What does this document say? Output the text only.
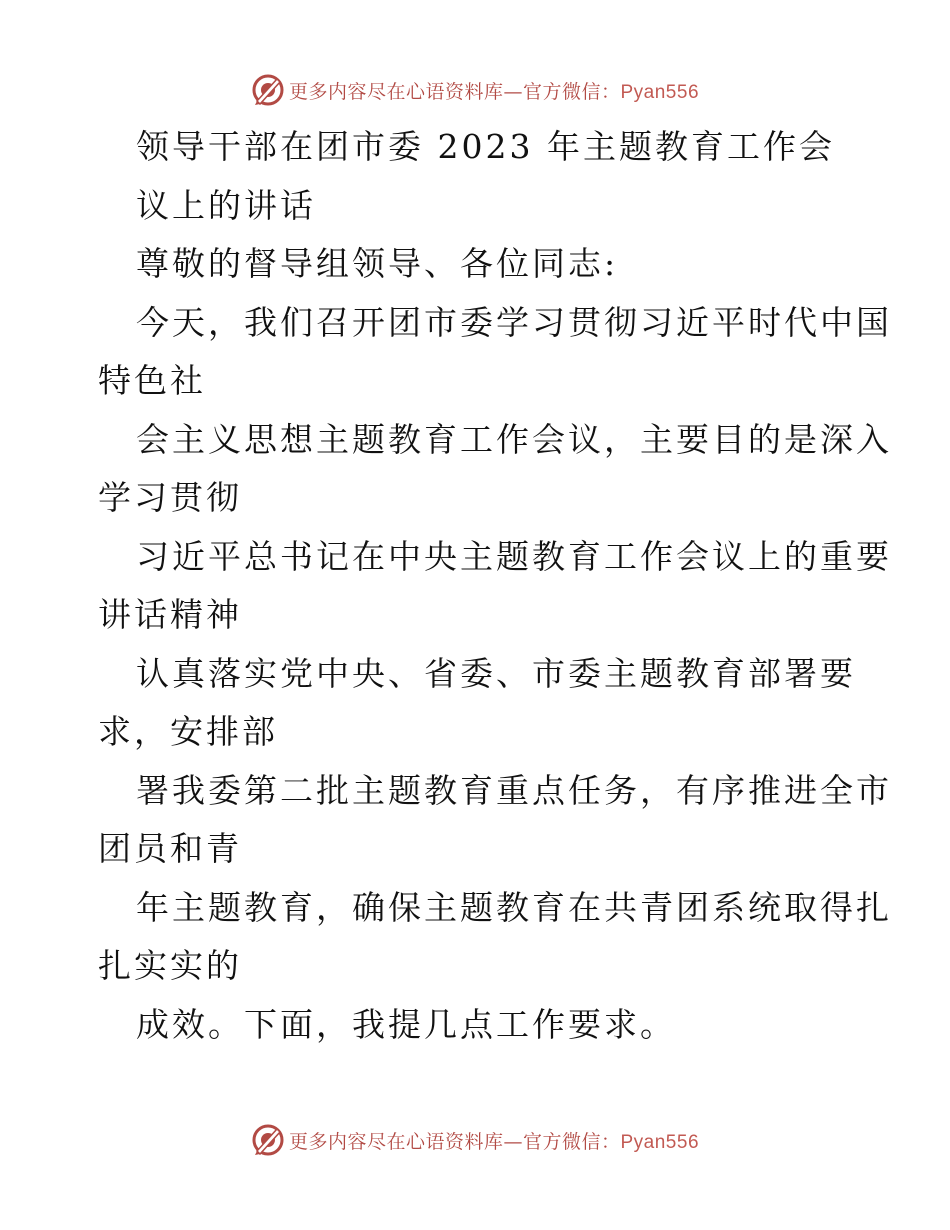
更多内容尽在心语资料库—官方微信：Pyan556
领导干部在团市委 2023 年主题教育工作会
议上的讲话
尊敬的督导组领导、各位同志:
今天，我们召开团市委学习贯彻习近平时代中国
特色社
会主义思想主题教育工作会议，主要目的是深入
学习贯彻
习近平总书记在中央主题教育工作会议上的重要
讲话精神
认真落实党中央、省委、市委主题教育部署要
求，安排部
署我委第二批主题教育重点任务，有序推进全市
团员和青
年主题教育，确保主题教育在共青团系统取得扎
扎实实的
成效。下面，我提几点工作要求。
更多内容尽在心语资料库—官方微信：Pyan556
